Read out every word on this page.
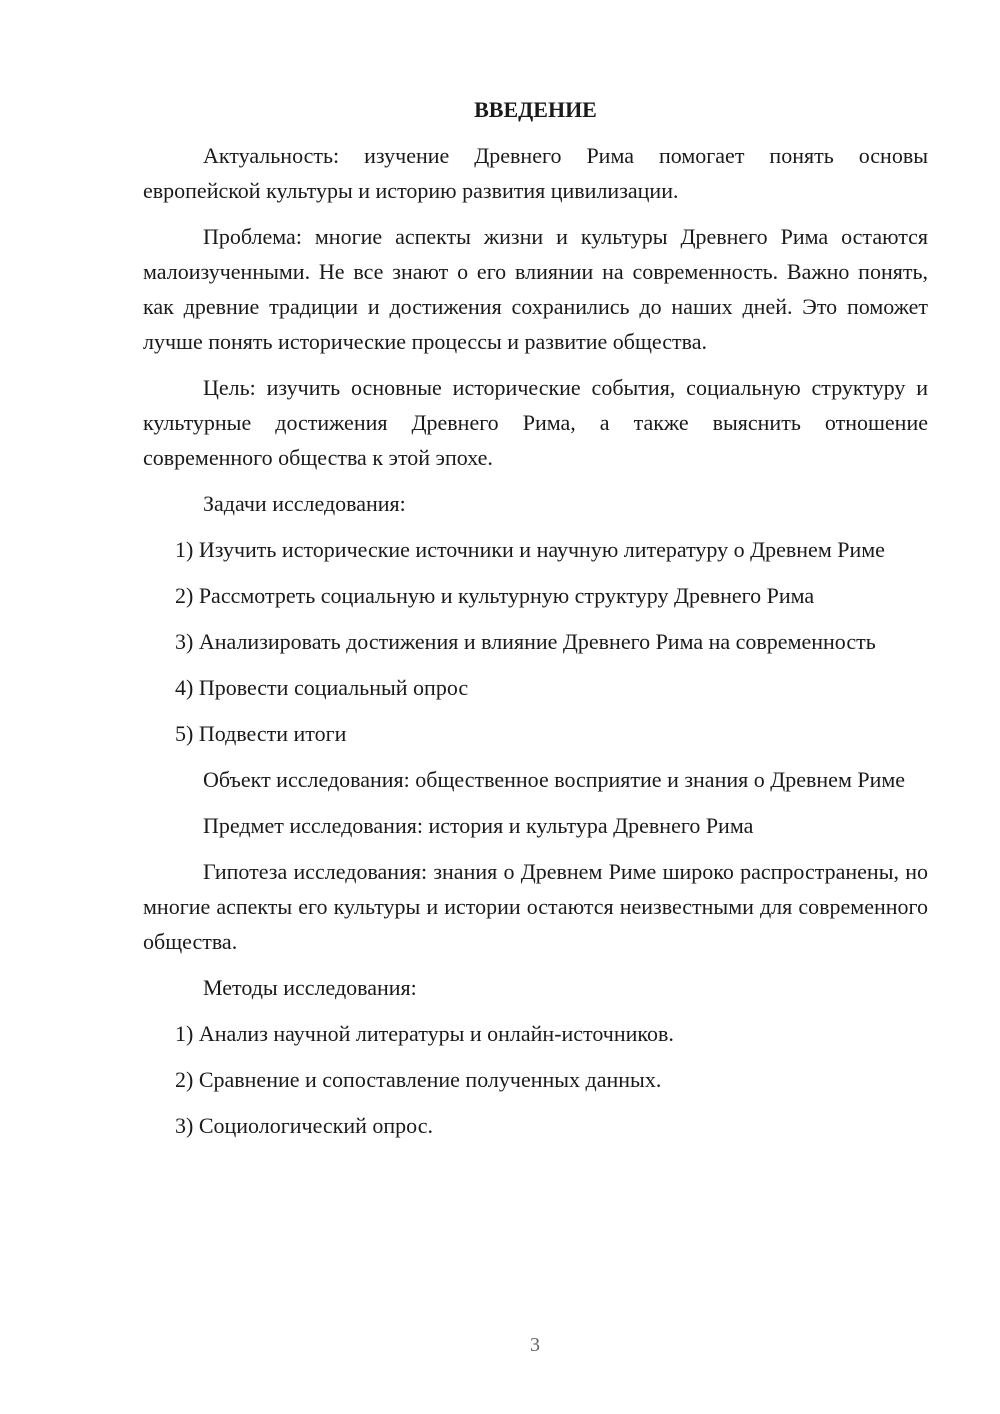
ВВЕДЕНИЕ

Актуальность: изучение Древнего Рима помогает понять основы европейской культуры и историю развития цивилизации.

Проблема: многие аспекты жизни и культуры Древнего Рима остаются малоизученными. Не все знают о его влиянии на современность. Важно понять, как древние традиции и достижения сохранились до наших дней. Это поможет лучше понять исторические процессы и развитие общества.

Цель: изучить основные исторические события, социальную структуру и культурные достижения Древнего Рима, а также выяснить отношение современного общества к этой эпохе.

Задачи исследования:

1) Изучить исторические источники и научную литературу о Древнем Риме

2) Рассмотреть социальную и культурную структуру Древнего Рима

3) Анализировать достижения и влияние Древнего Рима на современность

4) Провести социальный опрос

5) Подвести итоги

Объект исследования: общественное восприятие и знания о Древнем Риме

Предмет исследования: история и культура Древнего Рима

Гипотеза исследования: знания о Древнем Риме широко распространены, но многие аспекты его культуры и истории остаются неизвестными для современного общества.

Методы исследования:

1) Анализ научной литературы и онлайн-источников.

2) Сравнение и сопоставление полученных данных.

3) Социологический опрос.

3
